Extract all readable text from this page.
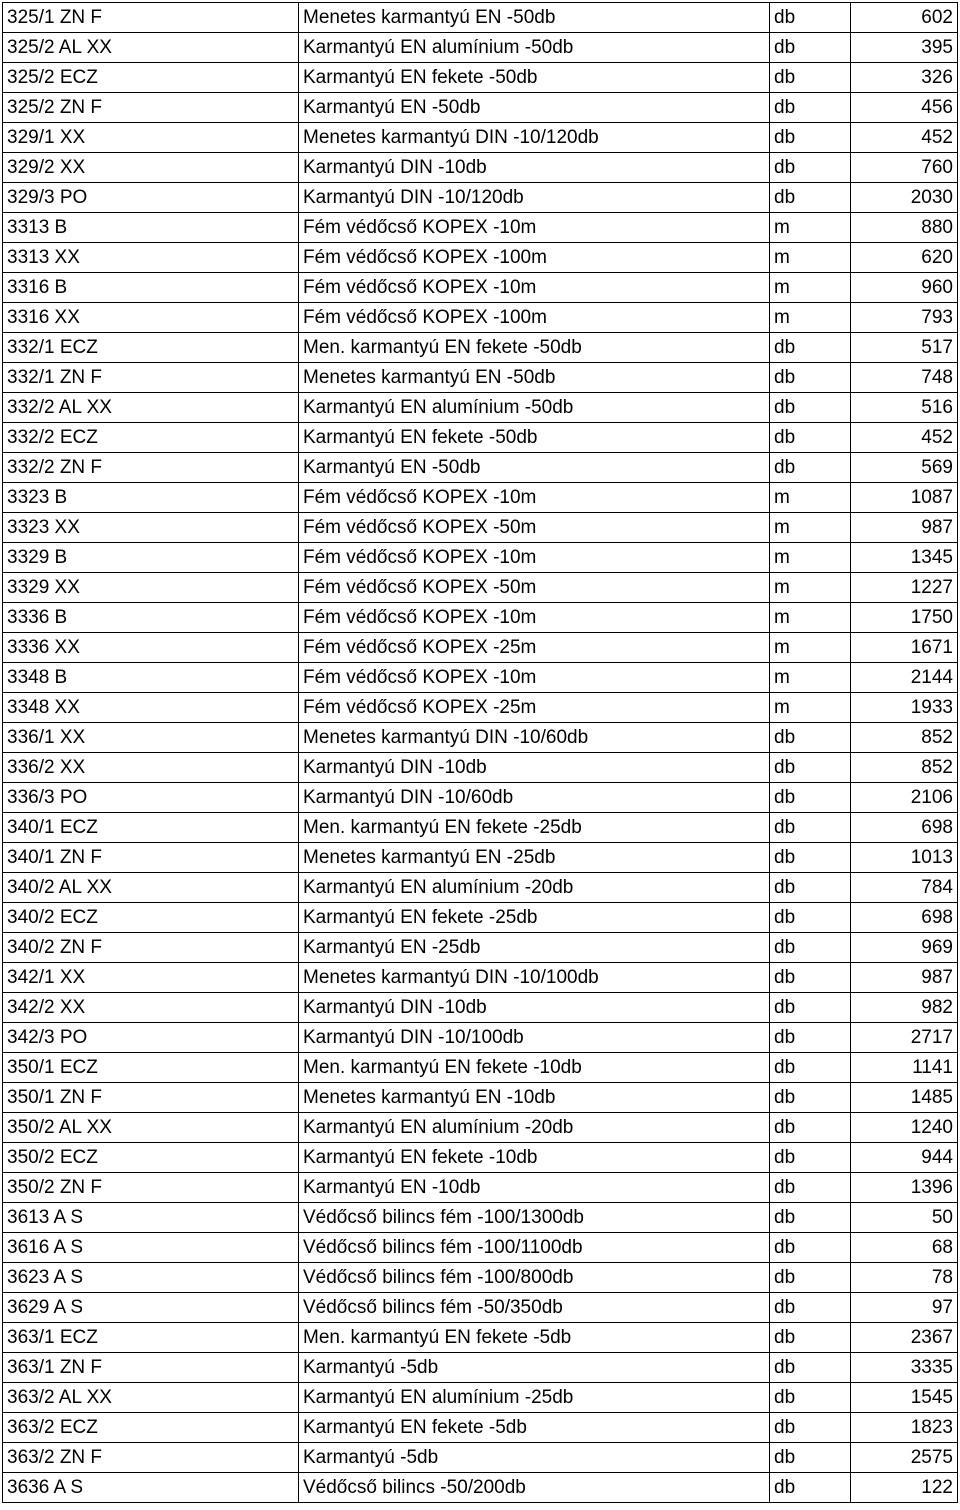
325/1 ZN F	Menetes karmantyú EN -50db	db	602
325/2 AL XX	Karmantyú EN alumínium -50db	db	395
325/2 ECZ	Karmantyú EN fekete -50db	db	326
325/2 ZN F	Karmantyú EN -50db	db	456
329/1 XX	Menetes karmantyú DIN -10/120db	db	452
329/2 XX	Karmantyú DIN -10db	db	760
329/3 PO	Karmantyú DIN -10/120db	db	2030
3313 B	Fém védőcső KOPEX -10m	m	880
3313 XX	Fém védőcső KOPEX -100m	m	620
3316 B	Fém védőcső KOPEX -10m	m	960
3316 XX	Fém védőcső KOPEX -100m	m	793
332/1 ECZ	Men. karmantyú EN fekete -50db	db	517
332/1 ZN F	Menetes karmantyú EN -50db	db	748
332/2 AL XX	Karmantyú EN alumínium -50db	db	516
332/2 ECZ	Karmantyú EN fekete -50db	db	452
332/2 ZN F	Karmantyú EN -50db	db	569
3323 B	Fém védőcső KOPEX -10m	m	1087
3323 XX	Fém védőcső KOPEX -50m	m	987
3329 B	Fém védőcső KOPEX -10m	m	1345
3329 XX	Fém védőcső KOPEX -50m	m	1227
3336 B	Fém védőcső KOPEX -10m	m	1750
3336 XX	Fém védőcső KOPEX -25m	m	1671
3348 B	Fém védőcső KOPEX -10m	m	2144
3348 XX	Fém védőcső KOPEX -25m	m	1933
336/1 XX	Menetes karmantyú DIN -10/60db	db	852
336/2 XX	Karmantyú DIN -10db	db	852
336/3 PO	Karmantyú DIN -10/60db	db	2106
340/1 ECZ	Men. karmantyú EN fekete -25db	db	698
340/1 ZN F	Menetes karmantyú EN -25db	db	1013
340/2 AL XX	Karmantyú EN alumínium -20db	db	784
340/2 ECZ	Karmantyú EN fekete -25db	db	698
340/2 ZN F	Karmantyú EN -25db	db	969
342/1 XX	Menetes karmantyú DIN -10/100db	db	987
342/2 XX	Karmantyú DIN -10db	db	982
342/3 PO	Karmantyú DIN -10/100db	db	2717
350/1 ECZ	Men. karmantyú EN fekete -10db	db	1141
350/1 ZN F	Menetes karmantyú EN -10db	db	1485
350/2 AL XX	Karmantyú EN alumínium -20db	db	1240
350/2 ECZ	Karmantyú EN fekete -10db	db	944
350/2 ZN F	Karmantyú EN -10db	db	1396
3613 A S	Védőcső bilincs fém -100/1300db	db	50
3616 A S	Védőcső bilincs fém -100/1100db	db	68
3623 A S	Védőcső bilincs fém -100/800db	db	78
3629 A S	Védőcső bilincs fém -50/350db	db	97
363/1 ECZ	Men. karmantyú EN fekete -5db	db	2367
363/1 ZN F	Karmantyú -5db	db	3335
363/2 AL XX	Karmantyú EN alumínium -25db	db	1545
363/2 ECZ	Karmantyú EN fekete -5db	db	1823
363/2 ZN F	Karmantyú -5db	db	2575
3636 A S	Védőcső bilincs -50/200db	db	122
